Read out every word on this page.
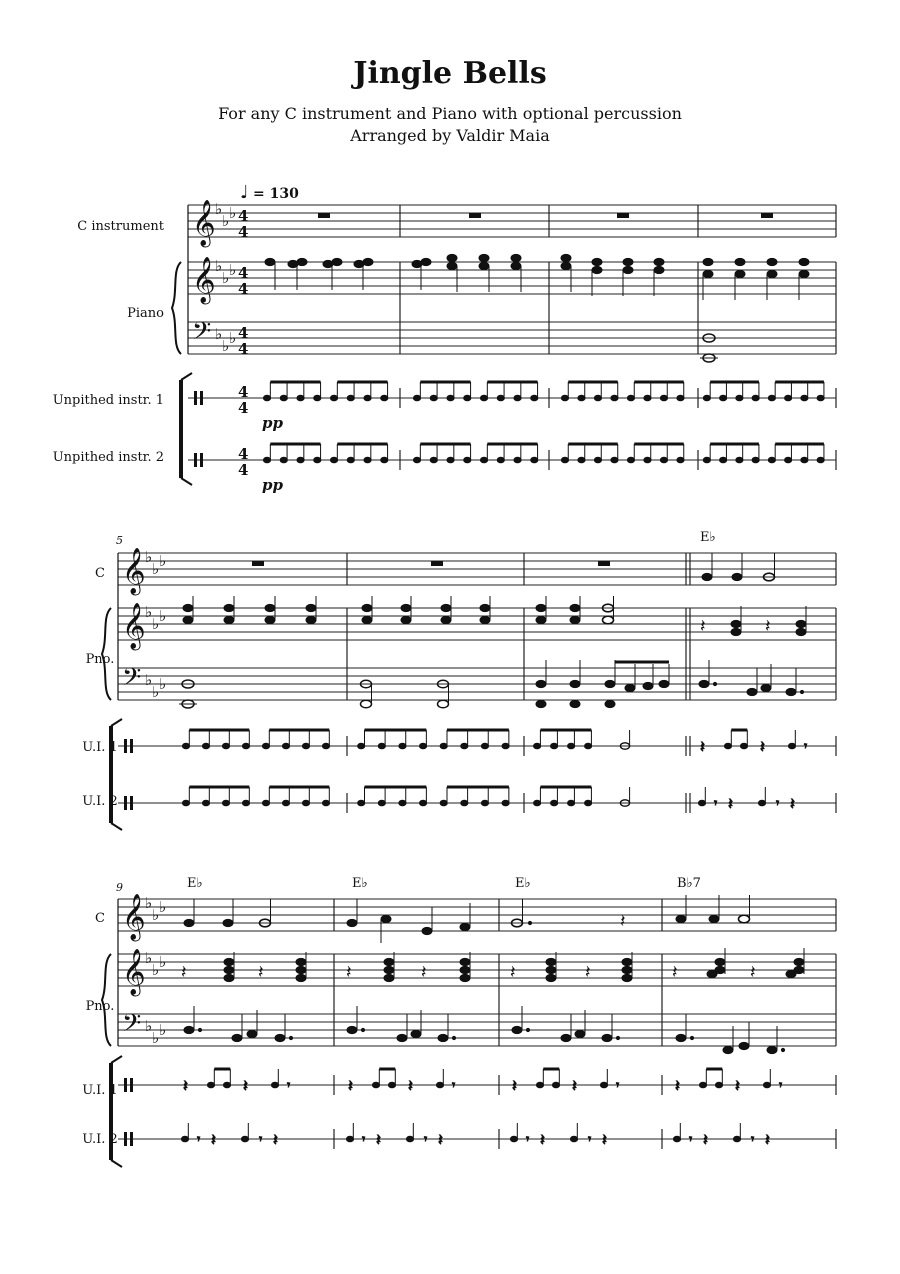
Jingle Bells
For any C instrument and Piano with optional percussion
Arranged by Valdir Maia
♩ = 130
C instrument
Piano
Unpithed instr. 1
Unpithed instr. 2
𝄞
𝄞
𝄢
♭
♭ ♭
♭
♭ ♭
♭
♭ ♭
4
4
4
4
4
4
4
4
4
4
pp
pp
5	E♭
C
Pno.
U.I. 1
U.I. 2
𝄞
𝄞
𝄢
♭
♭ ♭
♭
♭ ♭
♭
♭ ♭
𝄽	𝄽
𝄽	𝄽	𝄾
𝄾 𝄽	𝄾 𝄽
9	E♭	E♭	E♭	B♭7
C
Pno.
U.I. 1
U.I. 2
𝄞
𝄞
𝄢
♭
♭ ♭
♭
♭ ♭
♭
♭ ♭
𝄽
𝄽	𝄽	𝄽	𝄽	𝄽	𝄽	𝄽	𝄽
𝄽	𝄽	𝄾
𝄾 𝄽	𝄾 𝄽
𝄽	𝄽	𝄾
𝄾 𝄽	𝄾 𝄽
𝄽	𝄽	𝄾
𝄾 𝄽	𝄾 𝄽
𝄽	𝄽	𝄾
𝄾 𝄽	𝄾 𝄽
